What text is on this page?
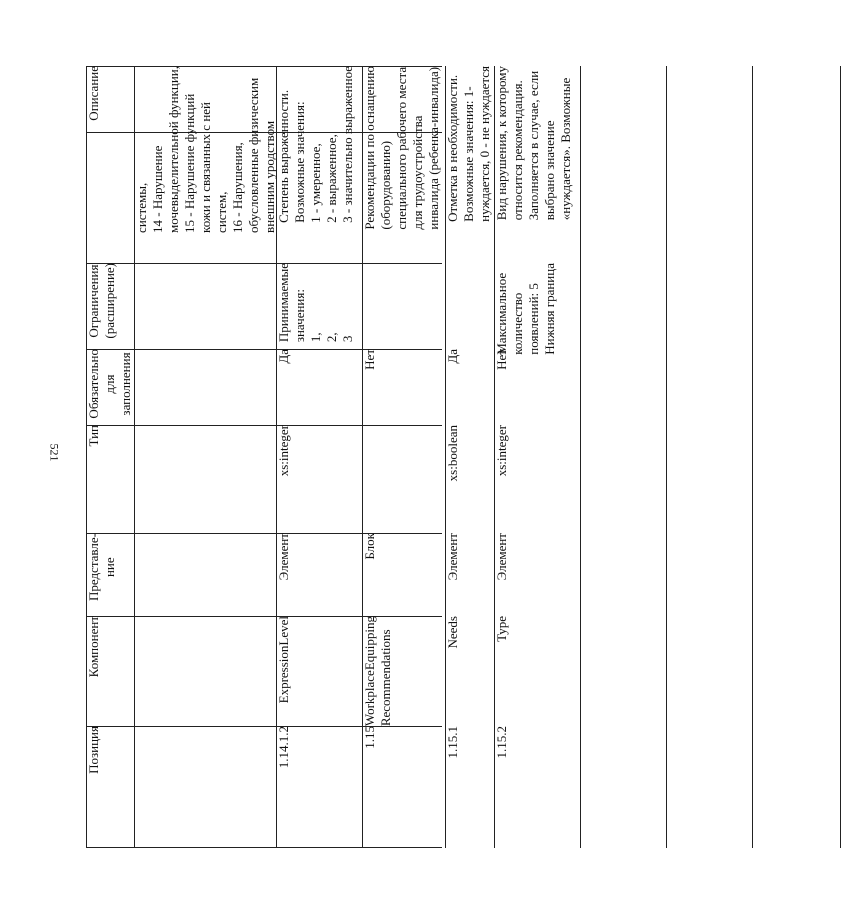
521
Описание
Ограничения
(расширение)
Обязательно
для
заполнения
Тип
Представле-
ние
Компонент
Позиция
системы,
14 - Нарушение
мочевыделительной функции,
15 - Нарушение функций
кожи и связанных с ней
систем,
16 - Нарушения,
обусловленные физическим
внешним уродством
Степень выраженности.
Возможные значения:
1 - умеренное,
2 - выраженное,
3 - значительно выраженное
Принимаемые
значения:
1,
2,
3
Да
xs:integer
Элемент
ExpressionLevel
1.14.1.2
Рекомендации по оснащению
(оборудованию)
специального рабочего места
для трудоустройства
инвалида (ребенка-инвалида)
Нет
Блок
WorkplaceEquipping
Recommendations
1.15
Отметка в необходимости.
Возможные значения: 1-
нуждается, 0 - не нуждается
Да
xs:boolean
Элемент
Needs
1.15.1
Вид нарушения, к которому
относится рекомендация.
Заполняется в случае, если
выбрано значение
«нуждается». Возможные
Максимальное
количество
появлений: 5
Нижняя граница
Нет
xs:integer
Элемент
Type
1.15.2
